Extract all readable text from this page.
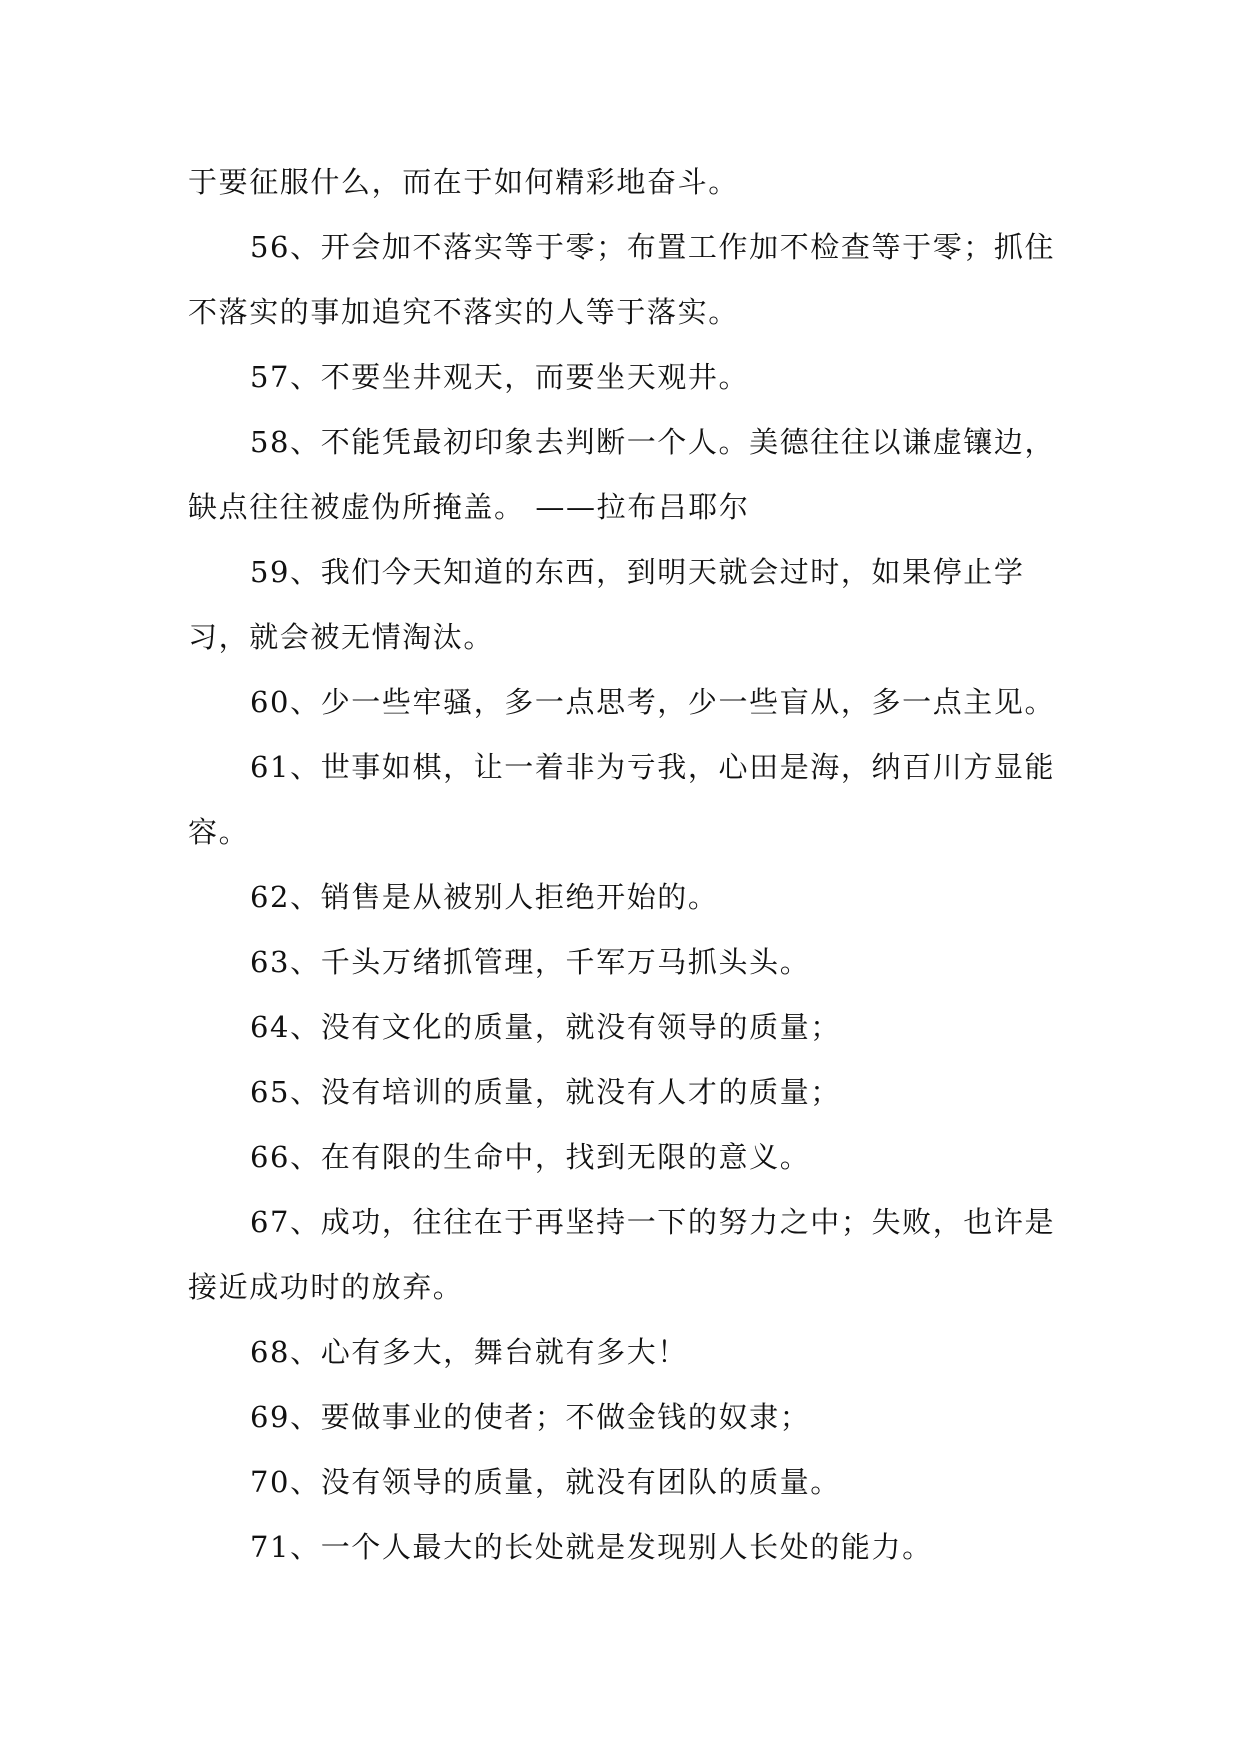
于要征服什么，而在于如何精彩地奋斗。

56、开会加不落实等于零；布置工作加不检查等于零；抓住不落实的事加追究不落实的人等于落实。

57、不要坐井观天，而要坐天观井。

58、不能凭最初印象去判断一个人。美德往往以谦虚镶边，缺点往往被虚伪所掩盖。 ——拉布吕耶尔

59、我们今天知道的东西，到明天就会过时，如果停止学习，就会被无情淘汰。

60、少一些牢骚，多一点思考，少一些盲从，多一点主见。

61、世事如棋，让一着非为亏我，心田是海，纳百川方显能容。

62、销售是从被别人拒绝开始的。

63、千头万绪抓管理，千军万马抓头头。

64、没有文化的质量，就没有领导的质量；

65、没有培训的质量，就没有人才的质量；

66、在有限的生命中，找到无限的意义。

67、成功，往往在于再坚持一下的努力之中；失败，也许是接近成功时的放弃。

68、心有多大，舞台就有多大！

69、要做事业的使者；不做金钱的奴隶；

70、没有领导的质量，就没有团队的质量。

71、一个人最大的长处就是发现别人长处的能力。
